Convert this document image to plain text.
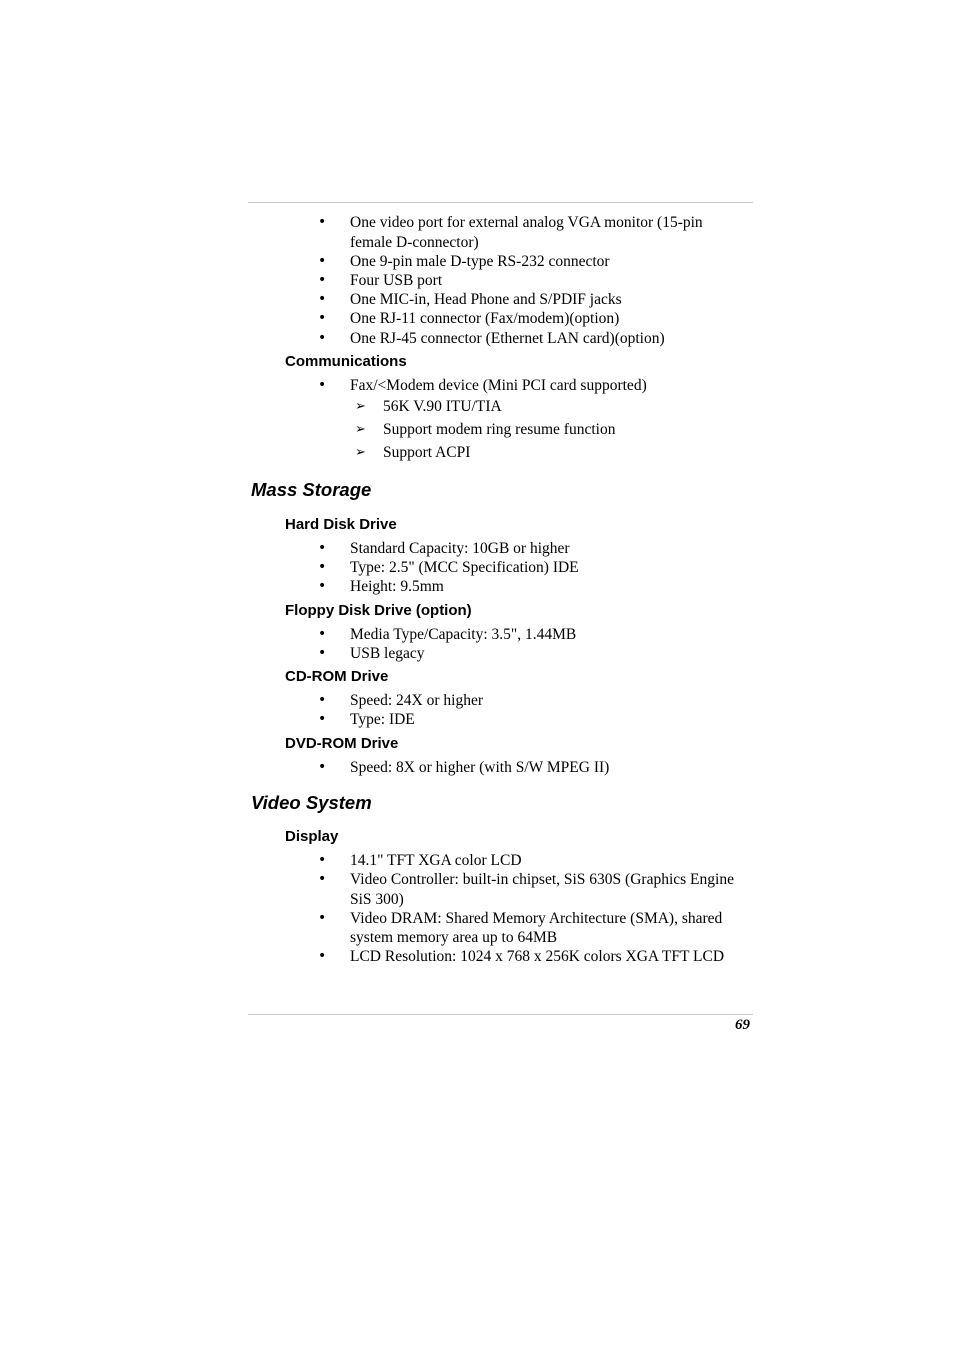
• One video port for external analog VGA monitor (15-pin
female D-connector)
• One 9-pin male D-type RS-232 connector
• Four USB port
• One MIC-in, Head Phone and S/PDIF jacks
• One RJ-11 connector (Fax/modem)(option)
• One RJ-45 connector (Ethernet LAN card)(option)
Communications
• Fax/<Modem device (Mini PCI card supported)
➢ 56K V.90 ITU/TIA
➢ Support modem ring resume function
➢ Support ACPI
Mass Storage
Hard Disk Drive
• Standard Capacity: 10GB or higher
• Type: 2.5" (MCC Specification) IDE
• Height: 9.5mm
Floppy Disk Drive (option)
• Media Type/Capacity: 3.5", 1.44MB
• USB legacy
CD-ROM Drive
• Speed: 24X or higher
• Type: IDE
DVD-ROM Drive
• Speed: 8X or higher (with S/W MPEG II)
Video System
Display
• 14.1" TFT XGA color LCD
• Video Controller: built-in chipset, SiS 630S (Graphics Engine
SiS 300)
• Video DRAM: Shared Memory Architecture (SMA), shared
system memory area up to 64MB
• LCD Resolution: 1024 x 768 x 256K colors XGA TFT LCD
69
